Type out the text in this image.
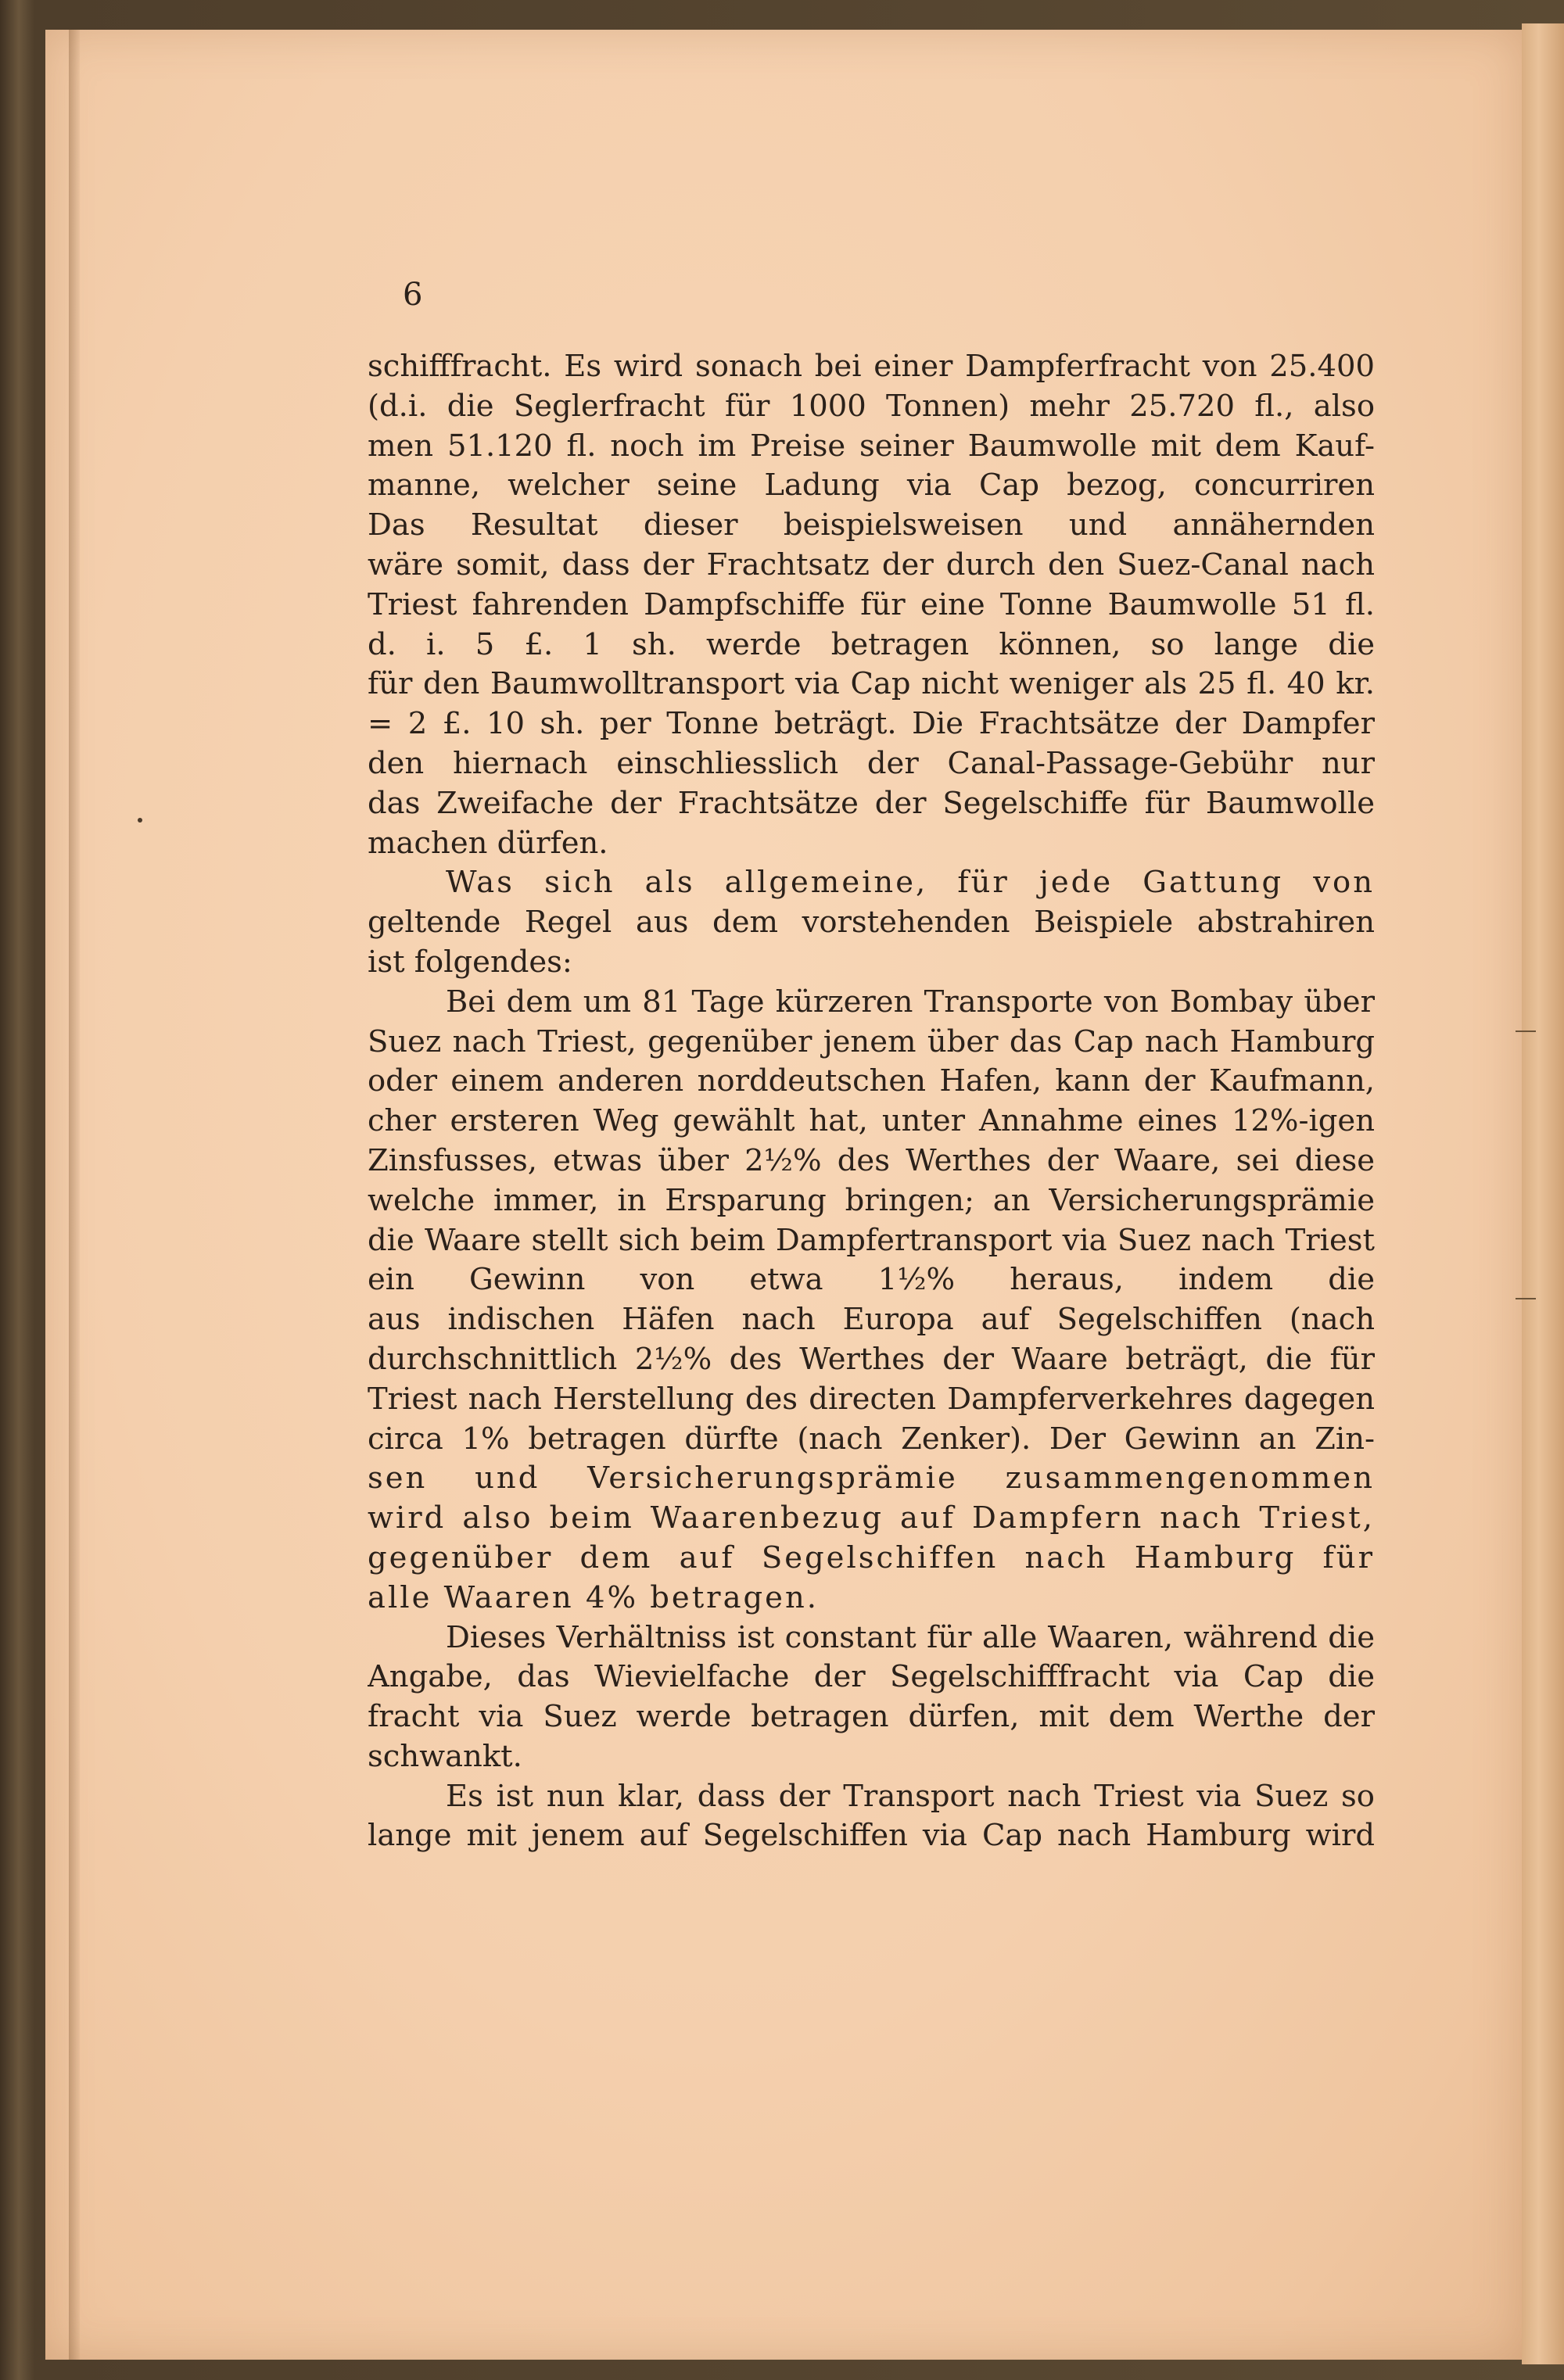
6
schifffracht. Es wird sonach bei einer Dampferfracht von 25.400
(d.i. die Seglerfracht für 1000 Tonnen) mehr 25.720 fl., also
men 51.120 fl. noch im Preise seiner Baumwolle mit dem Kauf-
manne, welcher seine Ladung via Cap bezog, concurriren
Das Resultat dieser beispielsweisen und annähernden
wäre somit, dass der Frachtsatz der durch den Suez-Canal nach
Triest fahrenden Dampfschiffe für eine Tonne Baumwolle 51 fl.
d. i. 5 £. 1 sh. werde betragen können, so lange die
für den Baumwolltransport via Cap nicht weniger als 25 fl. 40 kr.
= 2 £. 10 sh. per Tonne beträgt. Die Frachtsätze der Dampfer
den hiernach einschliesslich der Canal-Passage-Gebühr nur
das Zweifache der Frachtsätze der Segelschiffe für Baumwolle
machen dürfen.
Was sich als allgemeine, für jede Gattung von
geltende Regel aus dem vorstehenden Beispiele abstrahiren
ist folgendes:
Bei dem um 81 Tage kürzeren Transporte von Bombay über
Suez nach Triest, gegenüber jenem über das Cap nach Hamburg
oder einem anderen norddeutschen Hafen, kann der Kaufmann,
cher ersteren Weg gewählt hat, unter Annahme eines 12%-igen
Zinsfusses, etwas über 2½% des Werthes der Waare, sei diese
welche immer, in Ersparung bringen; an Versicherungsprämie
die Waare stellt sich beim Dampfertransport via Suez nach Triest
ein Gewinn von etwa 1½% heraus, indem die
aus indischen Häfen nach Europa auf Segelschiffen (nach
durchschnittlich 2½% des Werthes der Waare beträgt, die für
Triest nach Herstellung des directen Dampferverkehres dagegen
circa 1% betragen dürfte (nach Zenker). Der Gewinn an Zin-
sen und Versicherungsprämie zusammengenommen
wird also beim Waarenbezug auf Dampfern nach Triest,
gegenüber dem auf Segelschiffen nach Hamburg für
alle Waaren 4% betragen.
Dieses Verhältniss ist constant für alle Waaren, während die
Angabe, das Wievielfache der Segelschifffracht via Cap die
fracht via Suez werde betragen dürfen, mit dem Werthe der
schwankt.
Es ist nun klar, dass der Transport nach Triest via Suez so
lange mit jenem auf Segelschiffen via Cap nach Hamburg wird
